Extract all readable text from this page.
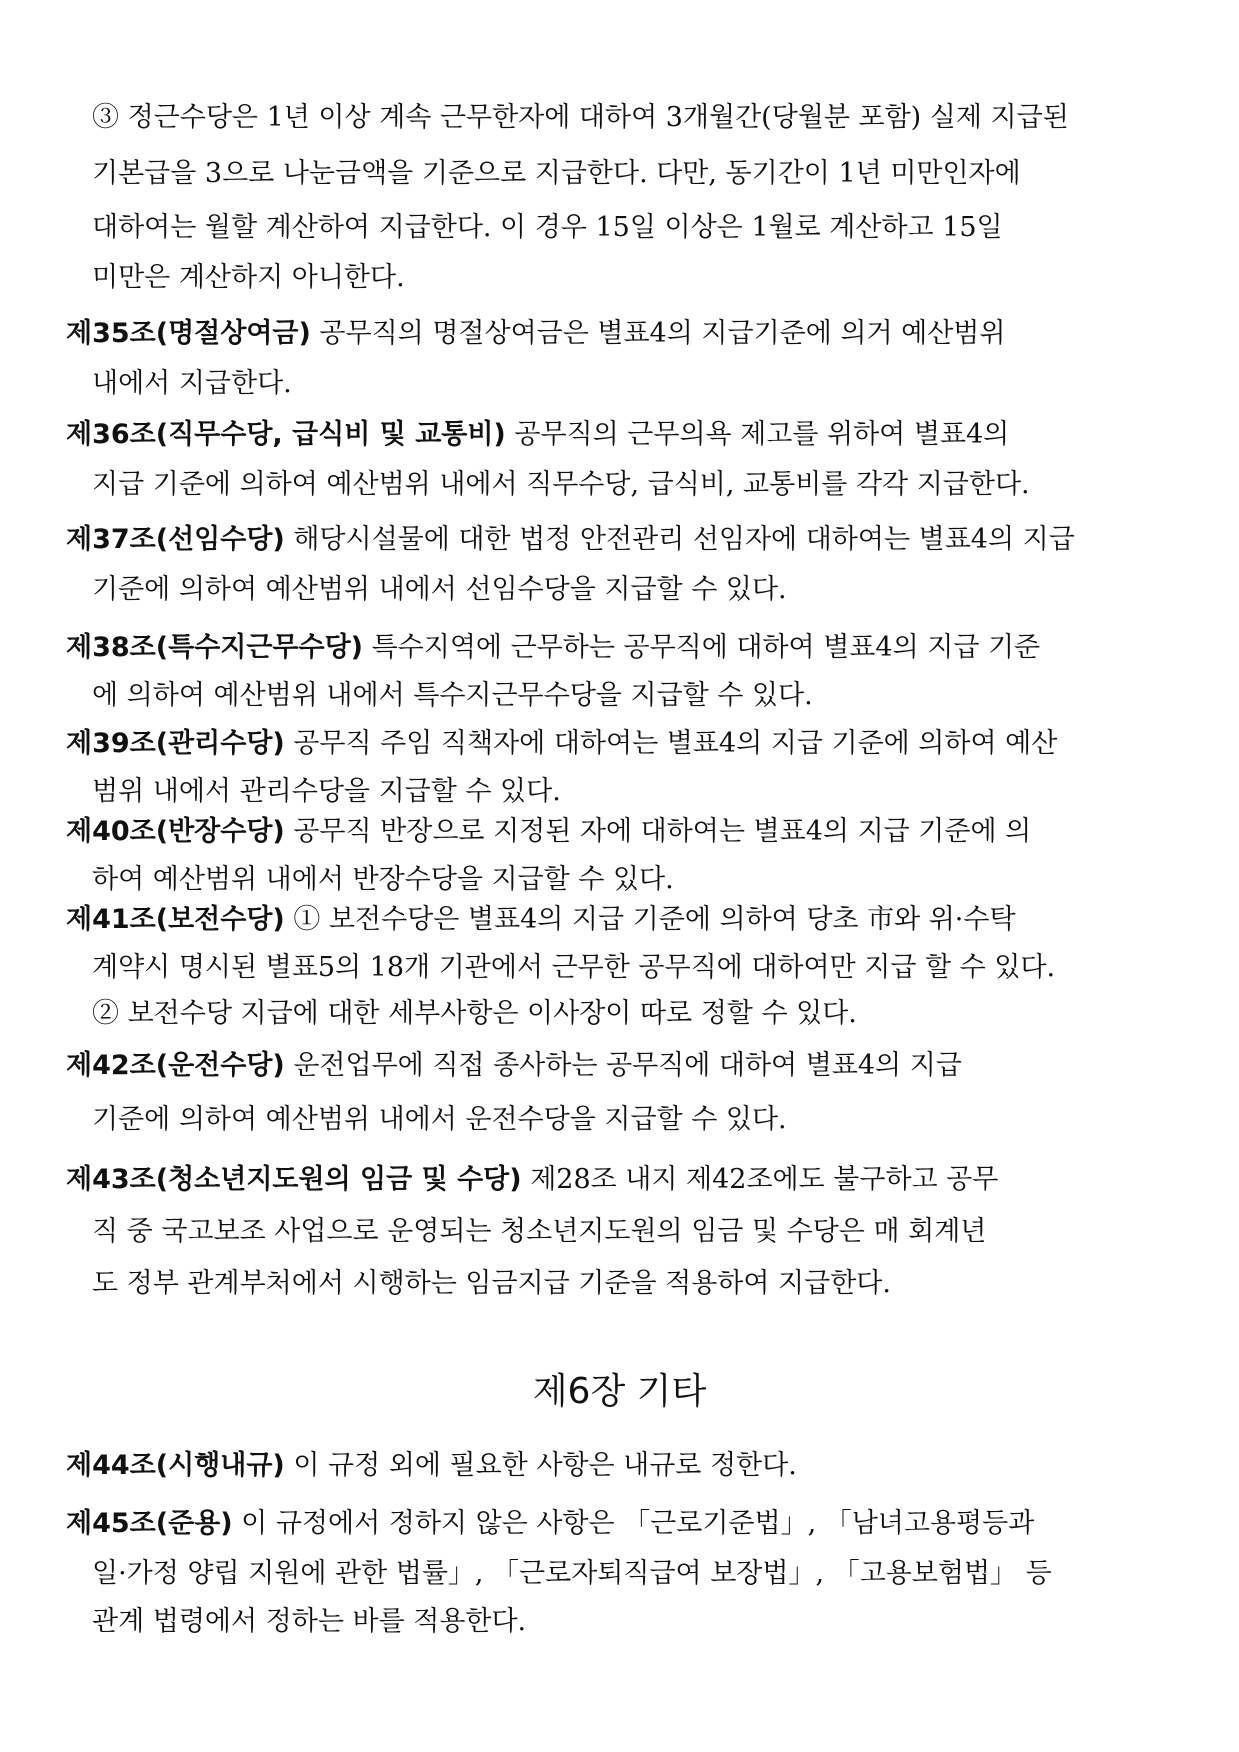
③ 정근수당은 1년 이상 계속 근무한자에 대하여 3개월간(당월분 포함) 실제 지급된
기본급을 3으로 나눈금액을 기준으로 지급한다. 다만, 동기간이 1년 미만인자에
대하여는 월할 계산하여 지급한다. 이 경우 15일 이상은 1월로 계산하고 15일
미만은 계산하지 아니한다.
제35조(명절상여금) 공무직의 명절상여금은 별표4의 지급기준에 의거 예산범위
내에서 지급한다.
제36조(직무수당, 급식비 및 교통비) 공무직의 근무의욕 제고를 위하여 별표4의
지급 기준에 의하여 예산범위 내에서 직무수당, 급식비, 교통비를 각각 지급한다.
제37조(선임수당) 해당시설물에 대한 법정 안전관리 선임자에 대하여는 별표4의 지급
기준에 의하여 예산범위 내에서 선임수당을 지급할 수 있다.
제38조(특수지근무수당) 특수지역에 근무하는 공무직에 대하여 별표4의 지급 기준
에 의하여 예산범위 내에서 특수지근무수당을 지급할 수 있다.
제39조(관리수당) 공무직 주임 직책자에 대하여는 별표4의 지급 기준에 의하여 예산
범위 내에서 관리수당을 지급할 수 있다.
제40조(반장수당) 공무직 반장으로 지정된 자에 대하여는 별표4의 지급 기준에 의
하여 예산범위 내에서 반장수당을 지급할 수 있다.
제41조(보전수당) ① 보전수당은 별표4의 지급 기준에 의하여 당초 市와 위·수탁
계약시 명시된 별표5의 18개 기관에서 근무한 공무직에 대하여만 지급 할 수 있다.
② 보전수당 지급에 대한 세부사항은 이사장이 따로 정할 수 있다.
제42조(운전수당) 운전업무에 직접 종사하는 공무직에 대하여 별표4의 지급
기준에 의하여 예산범위 내에서 운전수당을 지급할 수 있다.
제43조(청소년지도원의 임금 및 수당) 제28조 내지 제42조에도 불구하고 공무
직 중 국고보조 사업으로 운영되는 청소년지도원의 임금 및 수당은 매 회계년
도 정부 관계부처에서 시행하는 임금지급 기준을 적용하여 지급한다.
제6장 기타
제44조(시행내규) 이 규정 외에 필요한 사항은 내규로 정한다.
제45조(준용) 이 규정에서 정하지 않은 사항은 「근로기준법」, 「남녀고용평등과
일·가정 양립 지원에 관한 법률」, 「근로자퇴직급여 보장법」, 「고용보험법」 등
관계 법령에서 정하는 바를 적용한다.
